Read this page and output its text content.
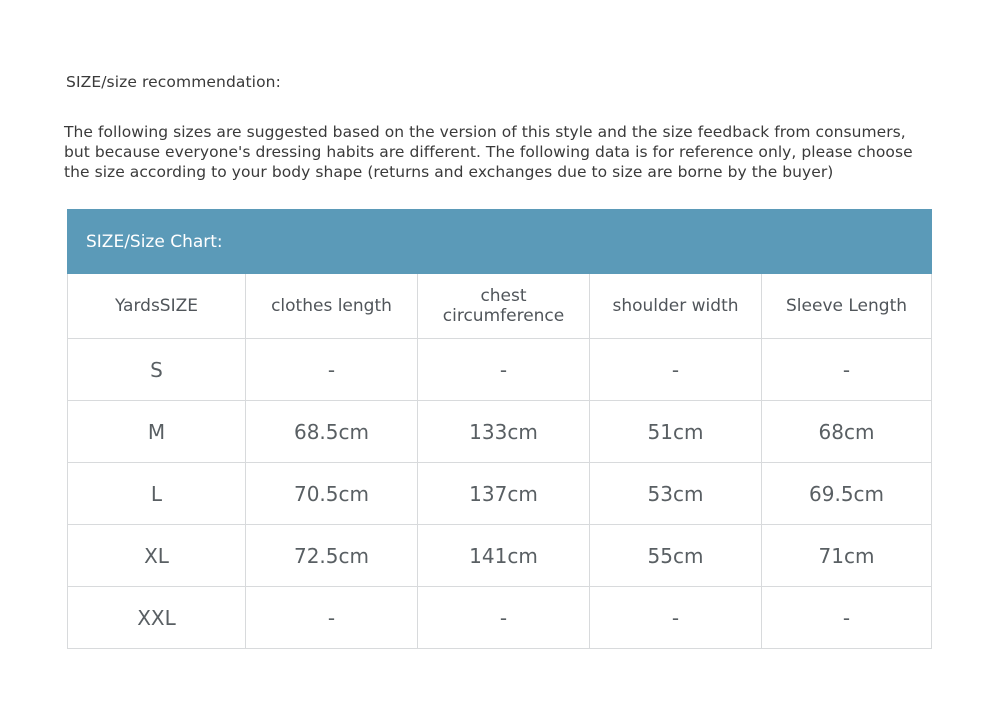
SIZE/size recommendation:

The following sizes are suggested based on the version of this style and the size feedback from consumers, but because everyone's dressing habits are different. The following data is for reference only, please choose the size according to your body shape (returns and exchanges due to size are borne by the buyer)

SIZE/Size Chart:				
YardsSIZE	clothes length	chest circumference	shoulder width	Sleeve Length
S	-	-	-	-
M	68.5cm	133cm	51cm	68cm
L	70.5cm	137cm	53cm	69.5cm
XL	72.5cm	141cm	55cm	71cm
XXL	-	-	-	-
